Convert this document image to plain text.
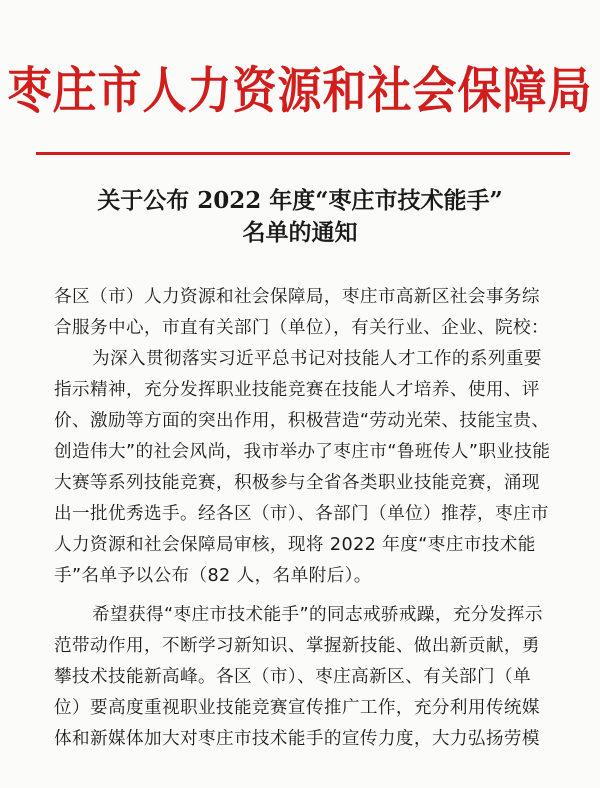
枣庄市人力资源和社会保障局
关于公布 2022 年度“枣庄市技术能手”
名单的通知
各区（市）人力资源和社会保障局，枣庄市高新区社会事务综合服务中心，市直有关部门（单位），有关行业、企业、院校：
为深入贯彻落实习近平总书记对技能人才工作的系列重要指示精神，充分发挥职业技能竞赛在技能人才培养、使用、评价、激励等方面的突出作用，积极营造“劳动光荣、技能宝贵、创造伟大”的社会风尚，我市举办了枣庄市“鲁班传人”职业技能大赛等系列技能竞赛，积极参与全省各类职业技能竞赛，涌现出一批优秀选手。经各区（市）、各部门（单位）推荐，枣庄市人力资源和社会保障局审核，现将 2022 年度“枣庄市技术能手”名单予以公布（82 人，名单附后）。
希望获得“枣庄市技术能手”的同志戒骄戒躁，充分发挥示范带动作用，不断学习新知识、掌握新技能、做出新贡献，勇攀技术技能新高峰。各区（市）、枣庄高新区、有关部门（单位）要高度重视职业技能竞赛宣传推广工作，充分利用传统媒体和新媒体加大对枣庄市技术能手的宣传力度，大力弘扬劳模
